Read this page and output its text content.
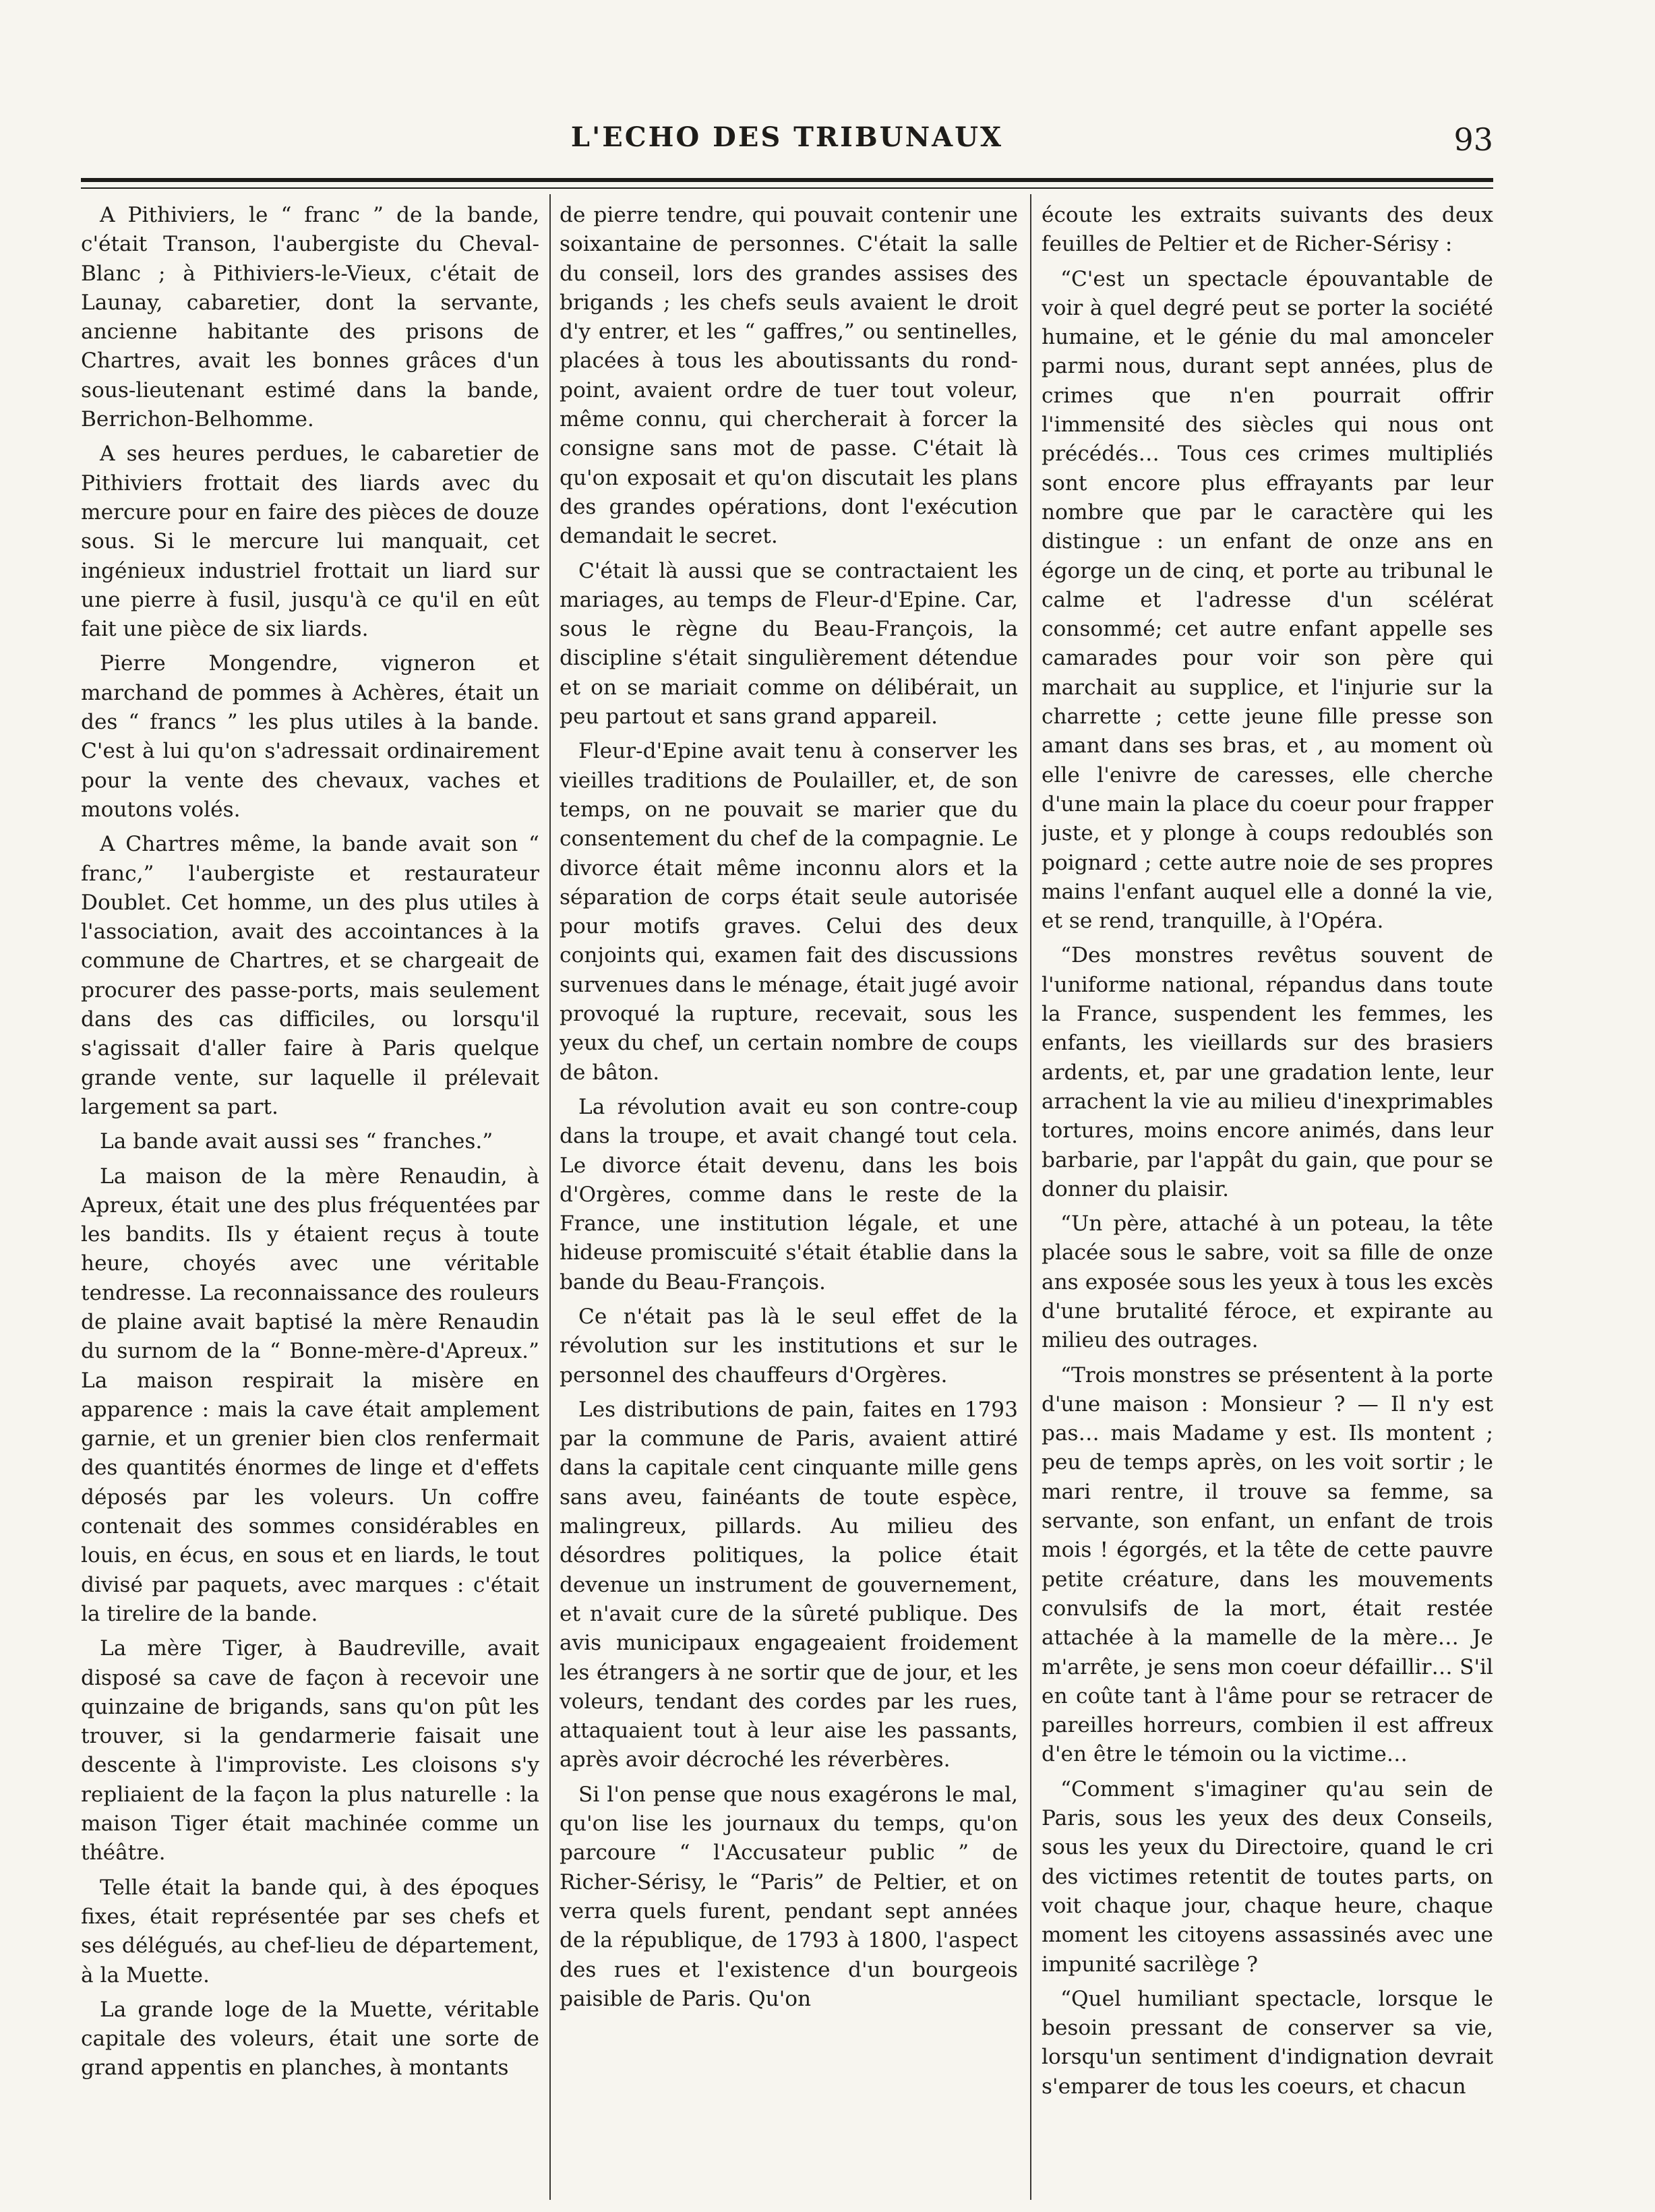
L'ECHO DES TRIBUNAUX	93

A Pithiviers, le “ franc ” de la bande, c'était Transon, l'aubergiste du Cheval-Blanc ; à Pithiviers-le-Vieux, c'était de Launay, cabaretier, dont la servante, ancienne habitante des prisons de Chartres, avait les bonnes grâces d'un sous-lieutenant estimé dans la bande, Berrichon-Belhomme.

A ses heures perdues, le cabaretier de Pithiviers frottait des liards avec du mercure pour en faire des pièces de douze sous. Si le mercure lui manquait, cet ingénieux industriel frottait un liard sur une pierre à fusil, jusqu'à ce qu'il en eût fait une pièce de six liards.

Pierre Mongendre, vigneron et marchand de pommes à Achères, était un des “ francs ” les plus utiles à la bande. C'est à lui qu'on s'adressait ordinairement pour la vente des chevaux, vaches et moutons volés.

A Chartres même, la bande avait son “ franc,” l'aubergiste et restaurateur Doublet. Cet homme, un des plus utiles à l'association, avait des accointances à la commune de Chartres, et se chargeait de procurer des passe-ports, mais seulement dans des cas difficiles, ou lorsqu'il s'agissait d'aller faire à Paris quelque grande vente, sur laquelle il prélevait largement sa part.

La bande avait aussi ses “ franches.”

La maison de la mère Renaudin, à Apreux, était une des plus fréquentées par les bandits. Ils y étaient reçus à toute heure, choyés avec une véritable tendresse. La reconnaissance des rouleurs de plaine avait baptisé la mère Renaudin du surnom de la “ Bonne-mère-d'Apreux.” La maison respirait la misère en apparence : mais la cave était amplement garnie, et un grenier bien clos renfermait des quantités énormes de linge et d'effets déposés par les voleurs. Un coffre contenait des sommes considérables en louis, en écus, en sous et en liards, le tout divisé par paquets, avec marques : c'était la tirelire de la bande.

La mère Tiger, à Baudreville, avait disposé sa cave de façon à recevoir une quinzaine de brigands, sans qu'on pût les trouver, si la gendarmerie faisait une descente à l'improviste. Les cloisons s'y repliaient de la façon la plus naturelle : la maison Tiger était machinée comme un théâtre.

Telle était la bande qui, à des époques fixes, était représentée par ses chefs et ses délégués, au chef-lieu de département, à la Muette.

La grande loge de la Muette, véritable capitale des voleurs, était une sorte de grand appentis en planches, à montants

de pierre tendre, qui pouvait contenir une soixantaine de personnes. C'était la salle du conseil, lors des grandes assises des brigands ; les chefs seuls avaient le droit d'y entrer, et les “ gaffres,” ou sentinelles, placées à tous les aboutissants du rond-point, avaient ordre de tuer tout voleur, même connu, qui chercherait à forcer la consigne sans mot de passe. C'était là qu'on exposait et qu'on discutait les plans des grandes opérations, dont l'exécution demandait le secret.

C'était là aussi que se contractaient les mariages, au temps de Fleur-d'Epine. Car, sous le règne du Beau-François, la discipline s'était singulièrement détendue et on se mariait comme on délibérait, un peu partout et sans grand appareil.

Fleur-d'Epine avait tenu à conserver les vieilles traditions de Poulailler, et, de son temps, on ne pouvait se marier que du consentement du chef de la compagnie. Le divorce était même inconnu alors et la séparation de corps était seule autorisée pour motifs graves. Celui des deux conjoints qui, examen fait des discussions survenues dans le ménage, était jugé avoir provoqué la rupture, recevait, sous les yeux du chef, un certain nombre de coups de bâton.

La révolution avait eu son contre-coup dans la troupe, et avait changé tout cela. Le divorce était devenu, dans les bois d'Orgères, comme dans le reste de la France, une institution légale, et une hideuse promiscuité s'était établie dans la bande du Beau-François.

Ce n'était pas là le seul effet de la révolution sur les institutions et sur le personnel des chauffeurs d'Orgères.

Les distributions de pain, faites en 1793 par la commune de Paris, avaient attiré dans la capitale cent cinquante mille gens sans aveu, fainéants de toute espèce, malingreux, pillards. Au milieu des désordres politiques, la police était devenue un instrument de gouvernement, et n'avait cure de la sûreté publique. Des avis municipaux engageaient froidement les étrangers à ne sortir que de jour, et les voleurs, tendant des cordes par les rues, attaquaient tout à leur aise les passants, après avoir décroché les réverbères.

Si l'on pense que nous exagérons le mal, qu'on lise les journaux du temps, qu'on parcoure “ l'Accusateur public ” de Richer-Sérisy, le “Paris” de Peltier, et on verra quels furent, pendant sept années de la république, de 1793 à 1800, l'aspect des rues et l'existence d'un bourgeois paisible de Paris. Qu'on

écoute les extraits suivants des deux feuilles de Peltier et de Richer-Sérisy :

“C'est un spectacle épouvantable de voir à quel degré peut se porter la société humaine, et le génie du mal amonceler parmi nous, durant sept années, plus de crimes que n'en pourrait offrir l'immensité des siècles qui nous ont précédés… Tous ces crimes multipliés sont encore plus effrayants par leur nombre que par le caractère qui les distingue : un enfant de onze ans en égorge un de cinq, et porte au tribunal le calme et l'adresse d'un scélérat consommé; cet autre enfant appelle ses camarades pour voir son père qui marchait au supplice, et l'injurie sur la charrette ; cette jeune fille presse son amant dans ses bras, et , au moment où elle l'enivre de caresses, elle cherche d'une main la place du coeur pour frapper juste, et y plonge à coups redoublés son poignard ; cette autre noie de ses propres mains l'enfant auquel elle a donné la vie, et se rend, tranquille, à l'Opéra.

“Des monstres revêtus souvent de l'uniforme national, répandus dans toute la France, suspendent les femmes, les enfants, les vieillards sur des brasiers ardents, et, par une gradation lente, leur arrachent la vie au milieu d'inexprimables tortures, moins encore animés, dans leur barbarie, par l'appât du gain, que pour se donner du plaisir.

“Un père, attaché à un poteau, la tête placée sous le sabre, voit sa fille de onze ans exposée sous les yeux à tous les excès d'une brutalité féroce, et expirante au milieu des outrages.

“Trois monstres se présentent à la porte d'une maison : Monsieur ? — Il n'y est pas… mais Madame y est. Ils montent ; peu de temps après, on les voit sortir ; le mari rentre, il trouve sa femme, sa servante, son enfant, un enfant de trois mois ! égorgés, et la tête de cette pauvre petite créature, dans les mouvements convulsifs de la mort, était restée attachée à la mamelle de la mère… Je m'arrête, je sens mon coeur défaillir… S'il en coûte tant à l'âme pour se retracer de pareilles horreurs, combien il est affreux d'en être le témoin ou la victime…

“Comment s'imaginer qu'au sein de Paris, sous les yeux des deux Conseils, sous les yeux du Directoire, quand le cri des victimes retentit de toutes parts, on voit chaque jour, chaque heure, chaque moment les citoyens assassinés avec une impunité sacrilège ?

“Quel humiliant spectacle, lorsque le besoin pressant de conserver sa vie, lorsqu'un sentiment d'indignation devrait s'emparer de tous les coeurs, et chacun
